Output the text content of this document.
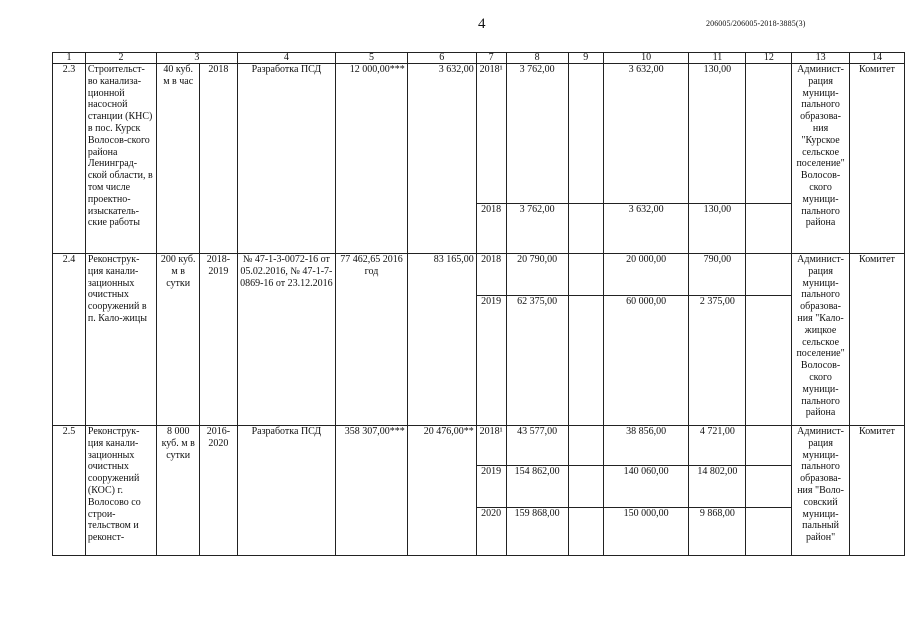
4	206005/206005-2018-3885(3)
1	2	3		4	5	6	7	8	9	10	11	12	13	14
2.3	Строительст-во канализа-ционной насосной станции (КНС) в пос. Курск Волосов-ского района Ленинград-ской области, в том числе проектно-изыскатель-ские работы	40 куб. м в час	2018	Разработка ПСД	12 000,00***	3 632,00	2018¹	3 762,00		3 632,00	130,00		Админист-рация муници-пального образова-ния "Курское сельское поселение" Волосов-ского муници-пального района	Комитет
							2018	3 762,00		3 632,00	130,00			
2.4	Реконструк-ция канали-зационных очистных сооружений в п. Кало-жицы	200 куб. м в сутки	2018-2019	№ 47-1-3-0072-16 от 05.02.2016, № 47-1-7-0869-16 от 23.12.2016	77 462,65 2016 год	83 165,00	2018	20 790,00		20 000,00	790,00		Админист-рация муници-пального образова-ния "Кало-жицкое сельское поселение" Волосов-ского муници-пального района	Комитет
							2019	62 375,00		60 000,00	2 375,00			
2.5	Реконструк-ция канали-зационных очистных сооружений (КОС) г. Волосово со строи-тельством и реконст-	8 000 куб. м в сутки	2016-2020	Разработка ПСД	358 307,00***	20 476,00**	2018¹	43 577,00		38 856,00	4 721,00		Админист-рация муници-пального образова-ния "Воло-совский муници-пальный район"	Комитет
							2019	154 862,00		140 060,00	14 802,00			
							2020	159 868,00		150 000,00	9 868,00			
